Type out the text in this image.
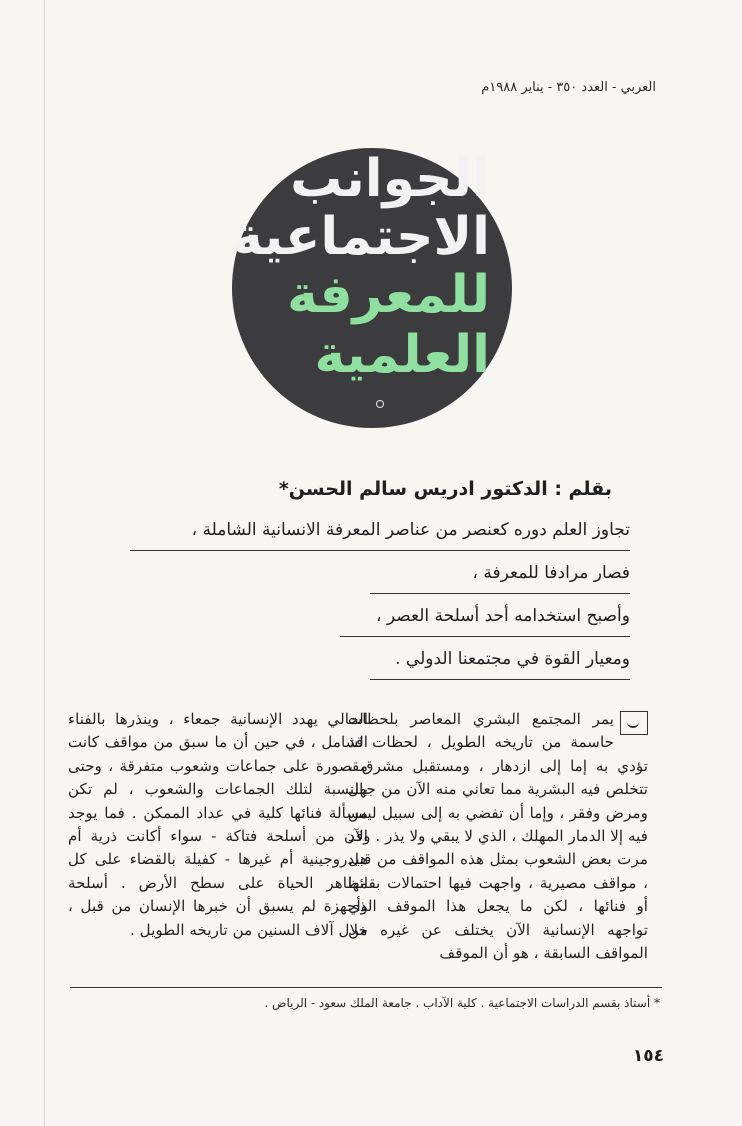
العربي - العدد ٣٥٠ - يناير ١٩٨٨م
الجوانب
الاجتماعية
للمعرفة
العلمية
بقلم : الدكتور ادريس سالم الحسن*
تجاوز العلم دوره كعنصر من عناصر المعرفة الانسانية الشاملة ،
فصار مرادفا للمعرفة ،
وأصبح استخدامه أحد أسلحة العصر ،
ومعيار القوة في مجتمعنا الدولي .
يمر المجتمع البشري المعاصر بلحظات حاسمة من تاريخه الطويل ، لحظات قد تؤدي به إما إلى ازدهار ، ومستقبل مشرق ، تتخلص فيه البشرية مما تعاني منه الآن من جهل ومرض وفقر ، وإما أن تفضي به إلى سبيل ليس فيه إلا الدمار المهلك ، الذي لا يبقي ولا يذر . وقد مرت بعض الشعوب بمثل هذه المواقف من قبل ، مواقف مصيرية ، واجهت فيها احتمالات بقائها أو فنائها ، لكن ما يجعل هذا الموقف الذي تواجهه الإنسانية الآن يختلف عن غيره من المواقف السابقة ، هو أن الموقف
الحالي يهدد الإنسانية جمعاء ، وينذرها بالفناء الشامل ، في حين أن ما سبق من مواقف كانت مقصورة على جماعات وشعوب متفرقة ، وحتى بالنسبة لتلك الجماعات والشعوب ، لم تكن مسألة فنائها كلية في عداد الممكن . فما يوجد الآن من أسلحة فتاكة - سواء أكانت ذرية أم هيدروجينية أم غيرها - كفيلة بالقضاء على كل مظاهر الحياة على سطح الأرض . أسلحة وأجهزة لم يسبق أن خبرها الإنسان من قبل ، خلال آلاف السنين من تاريخه الطويل .
* أستاذ بقسم الدراسات الاجتماعية . كلية الآداب . جامعة الملك سعود - الرياض .
١٥٤
